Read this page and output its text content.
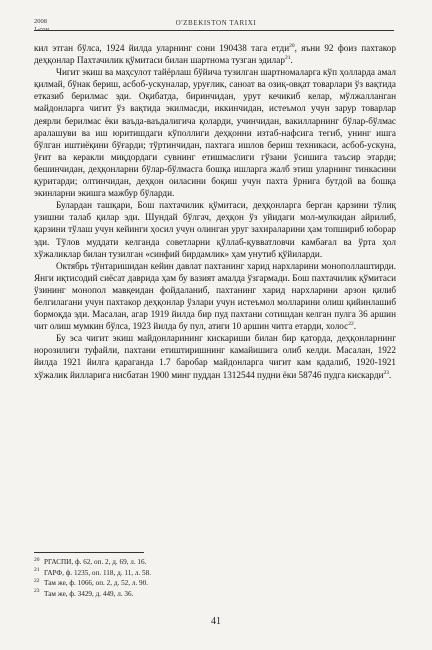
2008
1-сон
O'ZBEKISTON TARIXI

кил этган бўлса, 1924 йилда уларнинг сони 190438 тага етди$^{20}$, яъни 92 фоиз пахтакор деҳқонлар Пахтачилик қўмитаси билан шартнома тузган эдилар$^{21}$.

Чигит экиш ва маҳсулот тайёрлаш бўйича тузилган шартномаларга кўп ҳолларда амал қилмай, бўнак бериш, асбоб-ускуналар, уруғлик, саноат ва озиқ-овқат товарлари ўз вақтида етказиб берилмас эди. Оқибатда, биринчидан, урут кечикиб келар, мўлжалланган майдонларга чигит ўз вақтида экилмасди, иккинчидан, истеъмол учун зарур товарлар деярли берилмас ёки ваъда-ваъдалигича қоларди, учинчидан, вакилларнинг бўлар-бўлмас аралашуви ва иш юритишдаги кўполлиги деҳқонни изтаб-нафсига тегиб, унинг ишга бўлган иштиёқини бўғарди; тўртинчидан, пахтага ишлов бериш техникаси, асбоб-ускуна, ўғит ва керакли миқдордаги сувнинг етишмаслиги гўзани ўсишига таъсир этарди; бешинчидан, деҳқонларни бўлар-бўлмасга бошқа ишларга жалб этиш уларнинг тинкасини қуритарди; олтинчидан, деҳқон оиласини боқиш учун пахта ўрнига бутдой ва бошқа экинларни экишга мажбур бўларди.

Булардан ташқари, Бош пахтачилик қўмитаси, деҳқонларга берган қарзини тўлиқ узишни талаб қилар эди. Шундай бўлгач, деҳқон ўз уйидаги мол-мулкидан айрилиб, қарзини тўлаш учун кейинги ҳосил учун олинган уруг захираларини ҳам топшириб юборар эди. Тўлов муддати келганда советларни қўллаб-қувватловчи камбағал ва ўрта ҳол хўжаликлар билан тузилган «синфий бирдамлик» ҳам унутиб қўйиларди.

Октябрь тўнтаришидан кейин давлат пахтанинг харид нархларини монополлаштирди. Янги иқтисодий сиёсат даврида ҳам бу вазият амалда ўзгармади. Бош пахтачилик қўмитаси ўзининг монопол мавқеидан фойдаланиб, пахтанинг харид нархларини арзон қилиб белгилагани учун пахтакор деҳқонлар ўзлари учун истеъмол молларини олиш қийинлашиб бормоқда эди. Масалан, агар 1919 йилда бир пуд пахтани сотишдан келган пулга 36 аршин чит олиш мумкин бўлса, 1923 йилда бу пул, атиги 10 аршин читга етарди, холос$^{22}$.

Бу эса чигит экиш майдонларининг кискариши билан бир қаторда, деҳқонларнинг норозилиги туфайли, пахтани етиштиришнинг камайишига олиб келди. Масалан, 1922 йилда 1921 йилга қараганда 1.7 баробар майдонларга чигит кам қадалиб, 1920-1921 хўжалик йилларига нисбатан 1900 минг пуддан 1312544 пудни ёки 58746 пудга кискарди$^{23}$.

20 РГАСПИ, ф. 62, оп. 2, д. 69, л. 16.

21 ГАРФ, ф. 1235, оп. 118, д. 11, л. 58.

22 Там же, ф. 1066, оп. 2, д. 52, л. 90.

23 Там же, ф. 3429, д. 449, л. 36.

41
